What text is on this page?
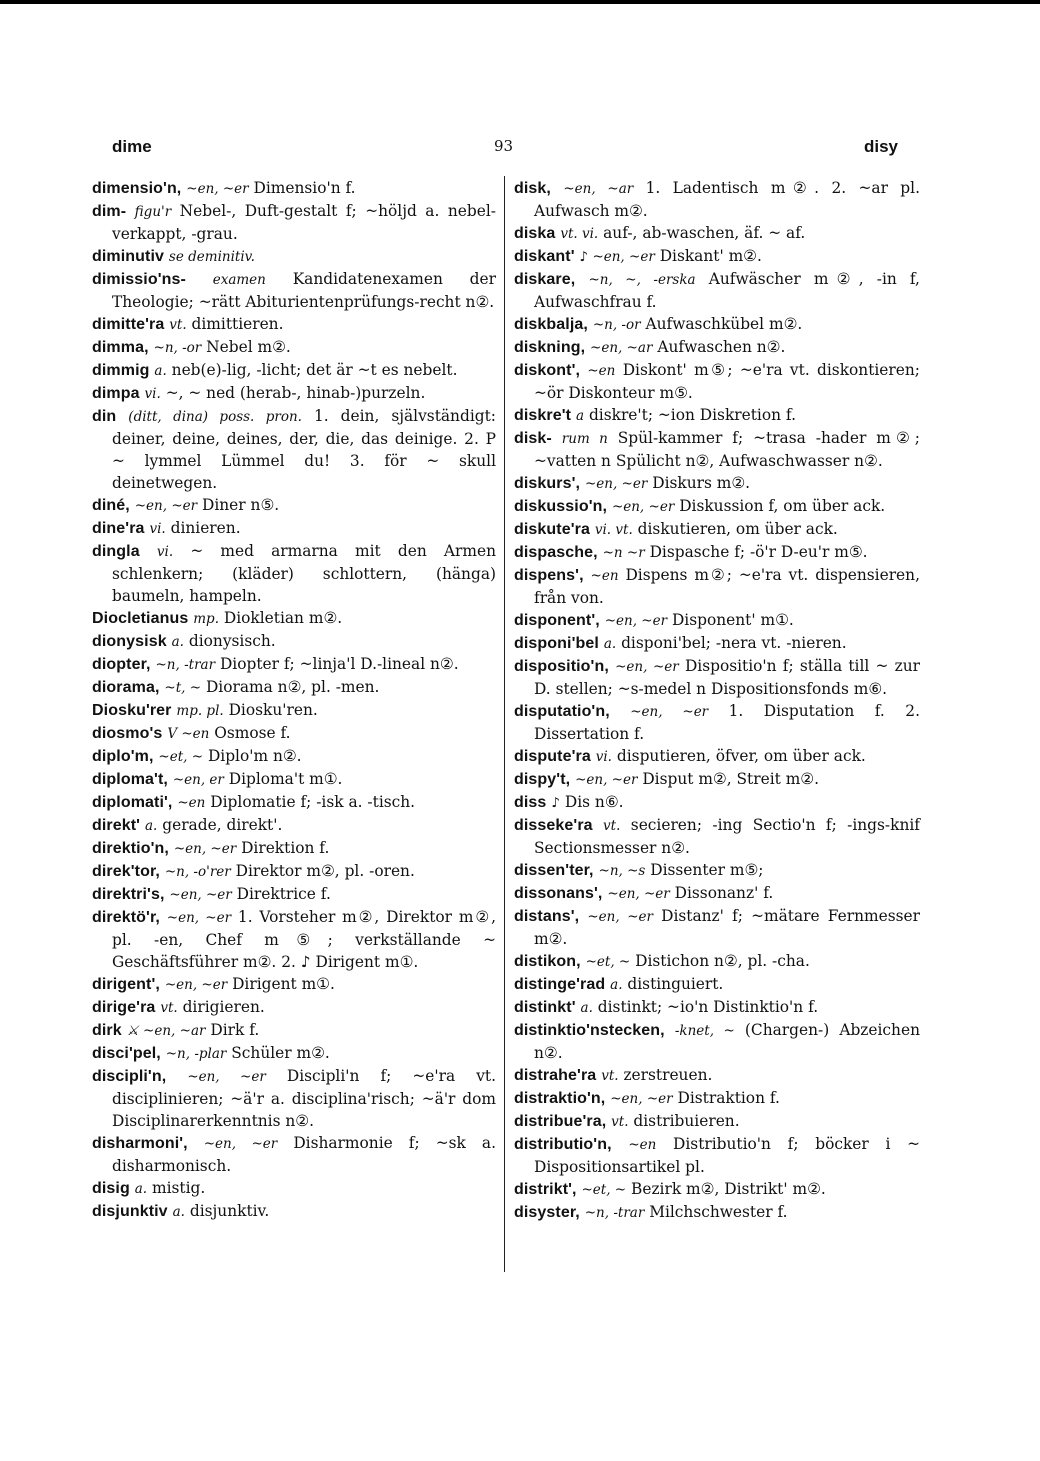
dime	93	disy

dimensio'n, ~en, ~er Dimensio'n f.

dim- figu'r Nebel-, Duft-gestalt f; ~höljd a. nebel-verkappt, -grau.

diminutiv se deminitiv.

dimissio'ns- examen Kandidatenexamen der Theologie; ~rätt Abiturientenprüfungs-recht n②.

dimitte'ra vt. dimittieren.

dimma, ~n, -or Nebel m②.

dimmig a. neb(e)-lig, -licht; det är ~t es nebelt.

dimpa vi. ~, ~ ned (herab-, hinab-)purzeln.

din (ditt, dina) poss. pron. 1. dein, självständigt: deiner, deine, deines, der, die, das deinige. 2. P ~ lymmel Lümmel du! 3. för ~ skull deinetwegen.

diné, ~en, ~er Diner n⑤.

dine'ra vi. dinieren.

dingla vi. ~ med armarna mit den Armen schlenkern; (kläder) schlottern, (hänga) baumeln, hampeln.

Diocletianus mp. Diokletian m②.

dionysisk a. dionysisch.

diopter, ~n, -trar Diopter f; ~linja'l D.-lineal n②.

diorama, ~t, ~ Diorama n②, pl. -men.

Diosku'rer mp. pl. Diosku'ren.

diosmo's V ~en Osmose f.

diplo'm, ~et, ~ Diplo'm n②.

diploma't, ~en, er Diploma't m①.

diplomati', ~en Diplomatie f; -isk a. -tisch.

direkt' a. gerade, direkt'.

direktio'n, ~en, ~er Direktion f.

direk'tor, ~n, -o'rer Direktor m②, pl. -oren.

direktri's, ~en, ~er Direktrice f.

direktö'r, ~en, ~er 1. Vorsteher m②, Direktor m②, pl. -en, Chef m⑤; verkställande ~ Geschäftsführer m②. 2. ♪ Dirigent m①.

dirigent', ~en, ~er Dirigent m①.

dirige'ra vt. dirigieren.

dirk ⚔ ~en, ~ar Dirk f.

disci'pel, ~n, -plar Schüler m②.

discipli'n, ~en, ~er Discipli'n f; ~e'ra vt. disciplinieren; ~ä'r a. disciplina'risch; ~ä'r dom Disciplinarerkenntnis n②.

disharmoni', ~en, ~er Disharmonie f; ~sk a. disharmonisch.

disig a. mistig.

disjunktiv a. disjunktiv.

disk, ~en, ~ar 1. Ladentisch m②. 2. ~ar pl. Aufwasch m②.

diska vt. vi. auf-, ab-waschen, äf. ~ af.

diskant' ♪ ~en, ~er Diskant' m②.

diskare, ~n, ~, -erska Aufwäscher m②, -in f, Aufwaschfrau f.

diskbalja, ~n, -or Aufwaschkübel m②.

diskning, ~en, ~ar Aufwaschen n②.

diskont', ~en Diskont' m⑤; ~e'ra vt. diskontieren; ~ör Diskonteur m⑤.

diskre't a diskre't; ~ion Diskretion f.

disk- rum n Spül-kammer f; ~trasa -hader m②; ~vatten n Spülicht n②, Aufwaschwasser n②.

diskurs', ~en, ~er Diskurs m②.

diskussio'n, ~en, ~er Diskussion f, om über ack.

diskute'ra vi. vt. diskutieren, om über ack.

dispasche, ~n ~r Dispasche f; -ö'r D-eu'r m⑤.

dispens', ~en Dispens m②; ~e'ra vt. dispensieren, från von.

disponent', ~en, ~er Disponent' m①.

disponi'bel a. disponi'bel; -nera vt. -nieren.

dispositio'n, ~en, ~er Dispositio'n f; ställa till ~ zur D. stellen; ~s-medel n Dispositionsfonds m⑥.

disputatio'n, ~en, ~er 1. Disputation f. 2. Dissertation f.

dispute'ra vi. disputieren, öfver, om über ack.

dispy't, ~en, ~er Disput m②, Streit m②.

diss ♪ Dis n⑥.

disseke'ra vt. secieren; -ing Sectio'n f; -ings-knif Sectionsmesser n②.

dissen'ter, ~n, ~s Dissenter m⑤;

dissonans', ~en, ~er Dissonanz' f.

distans', ~en, ~er Distanz' f; ~mätare Fernmesser m②.

distikon, ~et, ~ Distichon n②, pl. -cha.

distinge'rad a. distinguiert.

distinkt' a. distinkt; ~io'n Distinktio'n f.

distinktio'nstecken, -knet, ~ (Chargen-) Abzeichen n②.

distrahe'ra vt. zerstreuen.

distraktio'n, ~en, ~er Distraktion f.

distribue'ra, vt. distribuieren.

distributio'n, ~en Distributio'n f; böcker i ~ Dispositionsartikel pl.

distrikt', ~et, ~ Bezirk m②, Distrikt' m②.

disyster, ~n, -trar Milchschwester f.
